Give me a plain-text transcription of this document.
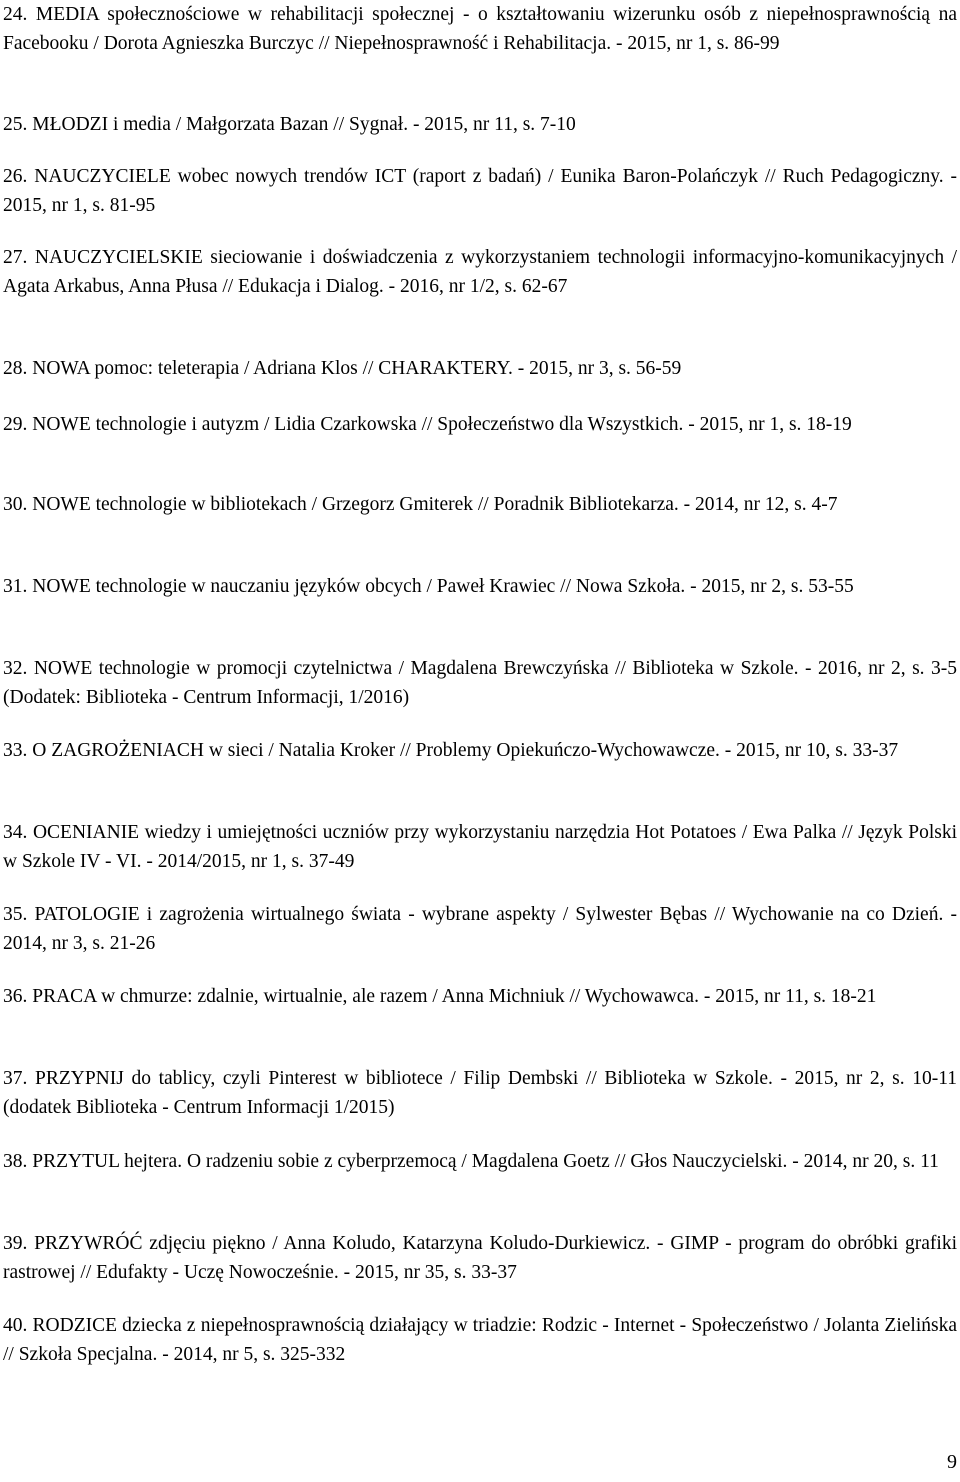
24. MEDIA społecznościowe w rehabilitacji społecznej - o kształtowaniu wizerunku osób z niepełnosprawnością na Facebooku / Dorota Agnieszka Burczyc // Niepełnosprawność i Rehabilitacja. - 2015, nr 1, s. 86-99

25. MŁODZI i media / Małgorzata Bazan // Sygnał. - 2015, nr 11, s. 7-10

26. NAUCZYCIELE wobec nowych trendów ICT (raport z badań) / Eunika Baron-Polańczyk // Ruch Pedagogiczny. - 2015, nr 1, s. 81-95

27. NAUCZYCIELSKIE sieciowanie i doświadczenia z wykorzystaniem technologii informacyjno-komunikacyjnych / Agata Arkabus, Anna Płusa // Edukacja i Dialog. - 2016, nr 1/2, s. 62-67

28. NOWA pomoc: teleterapia / Adriana Klos // CHARAKTERY. - 2015, nr 3, s. 56-59

29. NOWE technologie i autyzm / Lidia Czarkowska // Społeczeństwo dla Wszystkich. - 2015, nr 1, s. 18-19

30. NOWE technologie w bibliotekach / Grzegorz Gmiterek // Poradnik Bibliotekarza. - 2014, nr 12, s. 4-7

31. NOWE technologie w nauczaniu języków obcych / Paweł Krawiec // Nowa Szkoła. - 2015, nr 2, s. 53-55

32. NOWE technologie w promocji czytelnictwa / Magdalena Brewczyńska // Biblioteka w Szkole. - 2016, nr 2, s. 3-5 (Dodatek: Biblioteka - Centrum Informacji, 1/2016)

33. O ZAGROŻENIACH w sieci / Natalia Kroker // Problemy Opiekuńczo-Wychowawcze. - 2015, nr 10, s. 33-37

34. OCENIANIE wiedzy i umiejętności uczniów przy wykorzystaniu narzędzia Hot Potatoes / Ewa Palka // Język Polski w Szkole IV - VI. - 2014/2015, nr 1, s. 37-49

35. PATOLOGIE i zagrożenia wirtualnego świata - wybrane aspekty / Sylwester Bębas // Wychowanie na co Dzień. - 2014, nr 3, s. 21-26

36. PRACA w chmurze: zdalnie, wirtualnie, ale razem / Anna Michniuk // Wychowawca. - 2015, nr 11, s. 18-21

37. PRZYPNIJ do tablicy, czyli Pinterest w bibliotece / Filip Dembski // Biblioteka w Szkole. - 2015, nr 2, s. 10-11 (dodatek Biblioteka - Centrum Informacji 1/2015)

38. PRZYTUL hejtera. O radzeniu sobie z cyberprzemocą / Magdalena Goetz // Głos Nauczycielski. - 2014, nr 20, s. 11

39. PRZYWRÓĆ zdjęciu piękno / Anna Koludo, Katarzyna Koludo-Durkiewicz. - GIMP - program do obróbki grafiki rastrowej // Edufakty - Uczę Nowocześnie. - 2015, nr 35, s. 33-37

40. RODZICE dziecka z niepełnosprawnością działający w triadzie: Rodzic - Internet - Społeczeństwo / Jolanta Zielińska // Szkoła Specjalna. - 2014, nr 5, s. 325-332

9
